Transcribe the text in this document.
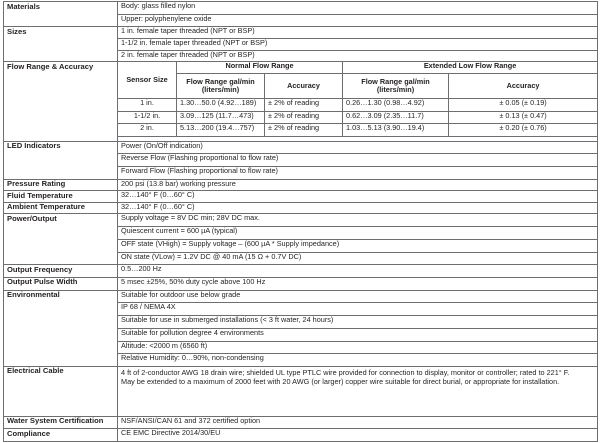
Materials	Body: glass filled nylon				
	Upper: polyphenylene oxide				
Sizes	1 in. female taper threaded (NPT or BSP)				
	1-1/2 in. female taper threaded (NPT or BSP)				
	2 in. female taper threaded (NPT or BSP)				
Flow Range & Accuracy	Sensor Size	Normal Flow Range		Extended Low Flow Range	
		Flow Range gal/min (liters/min)	Accuracy	Flow Range gal/min (liters/min)	Accuracy
	1 in.	1.30…50.0 (4.92…189)	± 2% of reading	0.26…1.30 (0.98…4.92)	± 0.05 (± 0.19)
	1-1/2 in.	3.09…125 (11.7…473)	± 2% of reading	0.62…3.09 (2.35…11.7)	± 0.13 (± 0.47)
	2 in.	5.13…200 (19.4…757)	± 2% of reading	1.03…5.13 (3.90…19.4)	± 0.20 (± 0.76)

LED Indicators	Power (On/Off indication)				
	Reverse Flow (Flashing proportional to flow rate)				
	Forward Flow (Flashing proportional to flow rate)				
Pressure Rating	200 psi (13.8 bar) working pressure				
Fluid Temperature	32…140° F (0…60° C)				
Ambient Temperature	32…140° F (0…60° C)				
Power/Output	Supply voltage = 8V DC min; 28V DC max.				
	Quiescent current = 600 µA (typical)				
	OFF state (VHigh) = Supply voltage – (600 µA * Supply impedance)				
	ON state (VLow) = 1.2V DC @ 40 mA (15 Ω + 0.7V DC)				
Output Frequency	0.5…200 Hz				
Output Pulse Width	5 msec ±25%, 50% duty cycle above 100 Hz				
Environmental	Suitable for outdoor use below grade				
	IP 68 / NEMA 4X				
	Suitable for use in submerged installations (< 3 ft water, 24 hours)				
	Suitable for pollution degree 4 environments				
	Altitude: <2000 m (6560 ft)				
	Relative Humidity: 0…90%, non-condensing				
Electrical Cable	4 ft of 2-conductor AWG 18 drain wire; shielded UL type PTLC wire provided for connection to display, monitor or controller; rated to 221° F.
May be extended to a maximum of 2000 feet with 20 AWG (or larger) copper wire suitable for direct burial, or appropriate for installation.				

Water System Certification	NSF/ANSI/CAN 61 and 372 certified option				
Compliance	CE EMC Directive 2014/30/EU				
